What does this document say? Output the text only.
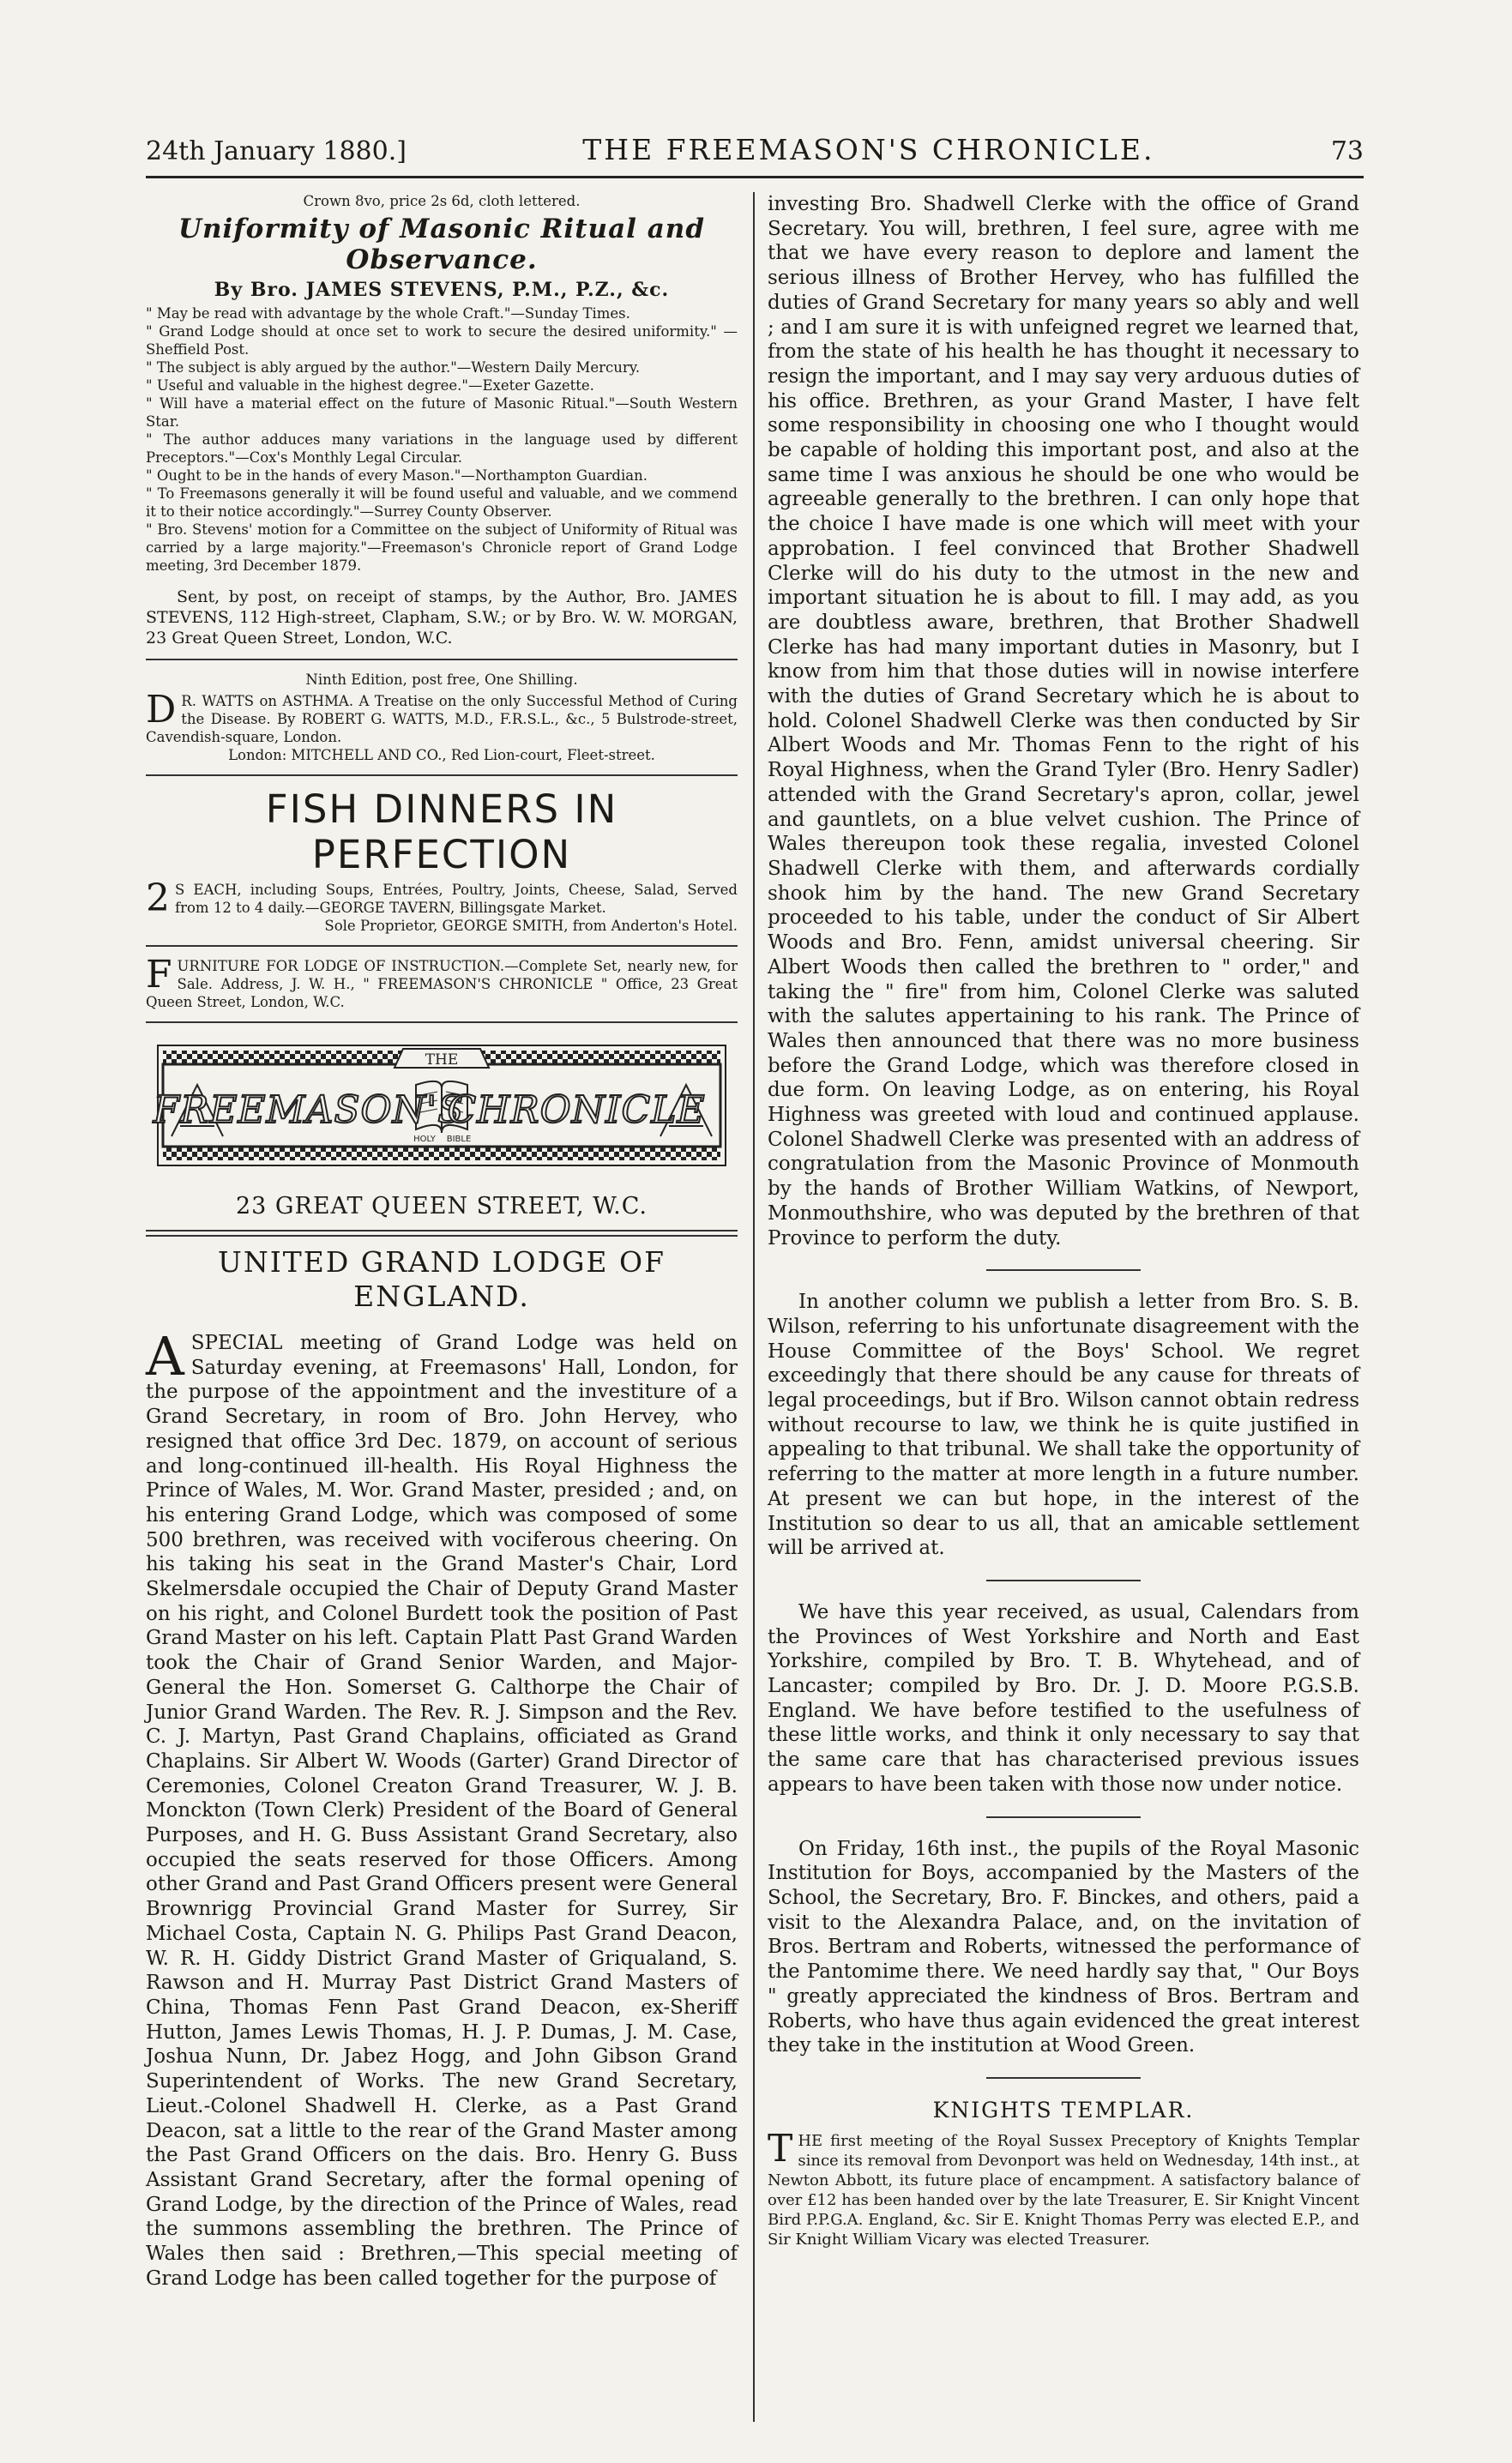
24th January 1880.]	THE FREEMASON'S CHRONICLE.	73

Crown 8vo, price 2s 6d, cloth lettered.

Uniformity of Masonic Ritual and Observance.

By Bro. JAMES STEVENS, P.M., P.Z., &c.

" May be read with advantage by the whole Craft."—Sunday Times.

" Grand Lodge should at once set to work to secure the desired uniformity." —Sheffield Post.

" The subject is ably argued by the author."—Western Daily Mercury.

" Useful and valuable in the highest degree."—Exeter Gazette.

" Will have a material effect on the future of Masonic Ritual."—South Western Star.

" The author adduces many variations in the language used by different Preceptors."—Cox's Monthly Legal Circular.

" Ought to be in the hands of every Mason."—Northampton Guardian.

" To Freemasons generally it will be found useful and valuable, and we commend it to their notice accordingly."—Surrey County Observer.

" Bro. Stevens' motion for a Committee on the subject of Uniformity of Ritual was carried by a large majority."—Freemason's Chronicle report of Grand Lodge meeting, 3rd December 1879.

Sent, by post, on receipt of stamps, by the Author, Bro. JAMES STEVENS, 112 High-street, Clapham, S.W.; or by Bro. W. W. MORGAN, 23 Great Queen Street, London, W.C.

Ninth Edition, post free, One Shilling.

D R. WATTS on ASTHMA. A Treatise on the only Successful Method of Curing the Disease. By ROBERT G. WATTS, M.D., F.R.S.L., &c., 5 Bulstrode-street, Cavendish-square, London.

London: MITCHELL AND CO., Red Lion-court, Fleet-street.

FISH DINNERS IN PERFECTION

2 S EACH, including Soups, Entrées, Poultry, Joints, Cheese, Salad, Served from 12 to 4 daily.—GEORGE TAVERN, Billingsgate Market.

Sole Proprietor, GEORGE SMITH, from Anderton's Hotel.

FURNITURE FOR LODGE OF INSTRUCTION.—Complete Set, nearly new, for Sale. Address, J. W. H., " FREEMASON'S CHRONICLE " Office, 23 Great Queen Street, London, W.C.

THE
HOLY BIBLE
FREEMASON'S
CHRONICLE

23 GREAT QUEEN STREET, W.C.

UNITED GRAND LODGE OF ENGLAND.

A SPECIAL meeting of Grand Lodge was held on Saturday evening, at Freemasons' Hall, London, for the purpose of the appointment and the investiture of a Grand Secretary, in room of Bro. John Hervey, who resigned that office 3rd Dec. 1879, on account of serious and long-continued ill-health. His Royal Highness the Prince of Wales, M. Wor. Grand Master, presided ; and, on his entering Grand Lodge, which was composed of some 500 brethren, was received with vociferous cheering. On his taking his seat in the Grand Master's Chair, Lord Skelmersdale occupied the Chair of Deputy Grand Master on his right, and Colonel Burdett took the position of Past Grand Master on his left. Captain Platt Past Grand Warden took the Chair of Grand Senior Warden, and Major-General the Hon. Somerset G. Calthorpe the Chair of Junior Grand Warden. The Rev. R. J. Simpson and the Rev. C. J. Martyn, Past Grand Chaplains, officiated as Grand Chaplains. Sir Albert W. Woods (Garter) Grand Director of Ceremonies, Colonel Creaton Grand Treasurer, W. J. B. Monckton (Town Clerk) President of the Board of General Purposes, and H. G. Buss Assistant Grand Secretary, also occupied the seats reserved for those Officers. Among other Grand and Past Grand Officers present were General Brownrigg Provincial Grand Master for Surrey, Sir Michael Costa, Captain N. G. Philips Past Grand Deacon, W. R. H. Giddy District Grand Master of Griqualand, S. Rawson and H. Murray Past District Grand Masters of China, Thomas Fenn Past Grand Deacon, ex-Sheriff Hutton, James Lewis Thomas, H. J. P. Dumas, J. M. Case, Joshua Nunn, Dr. Jabez Hogg, and John Gibson Grand Superintendent of Works. The new Grand Secretary, Lieut.-Colonel Shadwell H. Clerke, as a Past Grand Deacon, sat a little to the rear of the Grand Master among the Past Grand Officers on the dais. Bro. Henry G. Buss Assistant Grand Secretary, after the formal opening of Grand Lodge, by the direction of the Prince of Wales, read the summons assembling the brethren. The Prince of Wales then said : Brethren,—This special meeting of Grand Lodge has been called together for the purpose of

investing Bro. Shadwell Clerke with the office of Grand Secretary. You will, brethren, I feel sure, agree with me that we have every reason to deplore and lament the serious illness of Brother Hervey, who has fulfilled the duties of Grand Secretary for many years so ably and well ; and I am sure it is with unfeigned regret we learned that, from the state of his health he has thought it necessary to resign the important, and I may say very arduous duties of his office. Brethren, as your Grand Master, I have felt some responsibility in choosing one who I thought would be capable of holding this important post, and also at the same time I was anxious he should be one who would be agreeable generally to the brethren. I can only hope that the choice I have made is one which will meet with your approbation. I feel convinced that Brother Shadwell Clerke will do his duty to the utmost in the new and important situation he is about to fill. I may add, as you are doubtless aware, brethren, that Brother Shadwell Clerke has had many important duties in Masonry, but I know from him that those duties will in nowise interfere with the duties of Grand Secretary which he is about to hold. Colonel Shadwell Clerke was then conducted by Sir Albert Woods and Mr. Thomas Fenn to the right of his Royal Highness, when the Grand Tyler (Bro. Henry Sadler) attended with the Grand Secretary's apron, collar, jewel and gauntlets, on a blue velvet cushion. The Prince of Wales thereupon took these regalia, invested Colonel Shadwell Clerke with them, and afterwards cordially shook him by the hand. The new Grand Secretary proceeded to his table, under the conduct of Sir Albert Woods and Bro. Fenn, amidst universal cheering. Sir Albert Woods then called the brethren to " order," and taking the " fire" from him, Colonel Clerke was saluted with the salutes appertaining to his rank. The Prince of Wales then announced that there was no more business before the Grand Lodge, which was therefore closed in due form. On leaving Lodge, as on entering, his Royal Highness was greeted with loud and continued applause. Colonel Shadwell Clerke was presented with an address of congratulation from the Masonic Province of Monmouth by the hands of Brother William Watkins, of Newport, Monmouthshire, who was deputed by the brethren of that Province to perform the duty.

In another column we publish a letter from Bro. S. B. Wilson, referring to his unfortunate disagreement with the House Committee of the Boys' School. We regret exceedingly that there should be any cause for threats of legal proceedings, but if Bro. Wilson cannot obtain redress without recourse to law, we think he is quite justified in appealing to that tribunal. We shall take the opportunity of referring to the matter at more length in a future number. At present we can but hope, in the interest of the Institution so dear to us all, that an amicable settlement will be arrived at.

We have this year received, as usual, Calendars from the Provinces of West Yorkshire and North and East Yorkshire, compiled by Bro. T. B. Whytehead, and of Lancaster; compiled by Bro. Dr. J. D. Moore P.G.S.B. England. We have before testified to the usefulness of these little works, and think it only necessary to say that the same care that has characterised previous issues appears to have been taken with those now under notice.

On Friday, 16th inst., the pupils of the Royal Masonic Institution for Boys, accompanied by the Masters of the School, the Secretary, Bro. F. Binckes, and others, paid a visit to the Alexandra Palace, and, on the invitation of Bros. Bertram and Roberts, witnessed the performance of the Pantomime there. We need hardly say that, " Our Boys " greatly appreciated the kindness of Bros. Bertram and Roberts, who have thus again evidenced the great interest they take in the institution at Wood Green.

KNIGHTS TEMPLAR.

THE first meeting of the Royal Sussex Preceptory of Knights Templar since its removal from Devonport was held on Wednesday, 14th inst., at Newton Abbott, its future place of encampment. A satisfactory balance of over £12 has been handed over by the late Treasurer, E. Sir Knight Vincent Bird P.P.G.A. England, &c. Sir E. Knight Thomas Perry was elected E.P., and Sir Knight William Vicary was elected Treasurer.
